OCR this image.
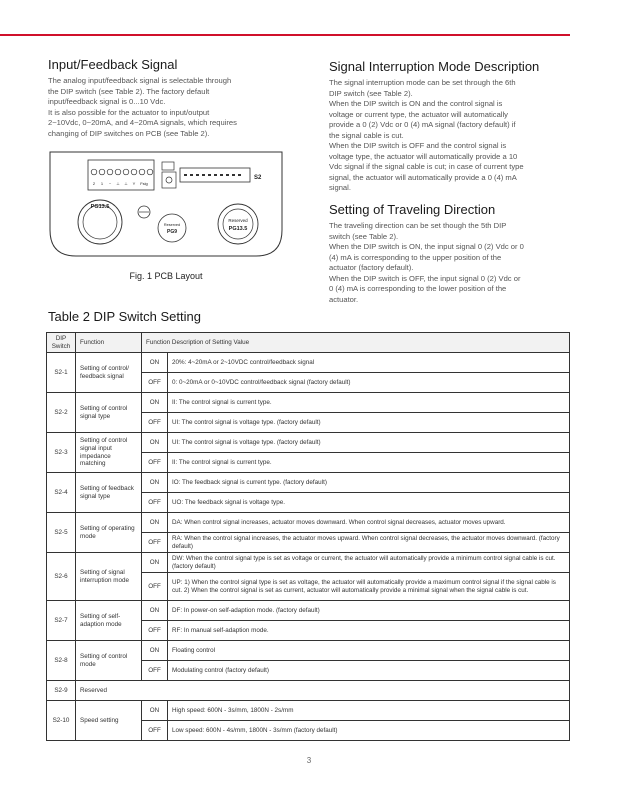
Input/Feedback Signal
The analog input/feedback signal is selectable through
the DIP switch (see Table 2). The factory default
input/feedback signal is 0...10 Vdc.
It is also possible for the actuator to input/output
2~10Vdc, 0~20mA, and 4~20mA signals, which requires
changing of DIP switches on PCB (see Table 2).
2 1 ~ ⊥ ⊥ Y Fsig
S2
PG13.5
Reserved
PG9
Reserved
PG13.5
Fig. 1 PCB Layout
Signal Interruption Mode Description
The signal interruption mode can be set through the 6th
DIP switch (see Table 2).
When the DIP switch is ON and the control signal is
voltage or current type, the actuator will automatically
provide a 0 (2) Vdc or 0 (4) mA signal (factory default) if
the signal cable is cut.
When the DIP switch is OFF and the control signal is
voltage type, the actuator will automatically provide a 10
Vdc signal if the signal cable is cut; in case of current type
signal, the actuator will automatically provide a 0 (4) mA
signal.
Setting of Traveling Direction
The traveling direction can be set though the 5th DIP
switch (see Table 2).
When the DIP switch is ON, the input signal 0 (2) Vdc or 0
(4) mA is corresponding to the upper position of the
actuator (factory default).
When the DIP switch is OFF, the input signal 0 (2) Vdc or
0 (4) mA is corresponding to the lower position of the
actuator.
Table 2 DIP Switch Setting
DIP Switch	Function	Function Description of Setting Value	
S2-1	Setting of control/ feedback signal	ON	20%: 4~20mA or 2~10VDC control/feedback signal
		OFF	0: 0~20mA or 0~10VDC control/feedback signal (factory default)
S2-2	Setting of control signal type	ON	II: The control signal is current type.
		OFF	UI: The control signal is voltage type. (factory default)
S2-3	Setting of control signal input impedance matching	ON	UI: The control signal is voltage type. (factory default)
		OFF	II: The control signal is current type.
S2-4	Setting of feedback signal type	ON	IO: The feedback signal is current type. (factory default)
		OFF	UO: The feedback signal is voltage type.
S2-5	Setting of operating mode	ON	DA: When control signal increases, actuator moves downward. When control signal decreases, actuator moves upward.
		OFF	RA: When the control signal increases, the actuator moves upward. When control signal decreases, the actuator moves downward. (factory default)
S2-6	Setting of signal interruption mode	ON	DW: When the control signal type is set as voltage or current, the actuator will automatically provide a minimum control signal cable is cut. (factory default)
		OFF	UP: 1) When the control signal type is set as voltage, the actuator will automatically provide a maximum control signal if the signal cable is cut. 2) When the control signal is set as current, actuator will automatically provide a minimal signal when the signal cable is cut.
S2-7	Setting of self-adaption mode	ON	DF: In power-on self-adaption mode. (factory default)
		OFF	RF: In manual self-adaption mode.
S2-8	Setting of control mode	ON	Floating control
		OFF	Modulating control (factory default)
S2-9	Reserved		
S2-10	Speed setting	ON	High speed: 600N - 3s/mm, 1800N - 2s/mm
		OFF	Low speed: 600N - 4s/mm, 1800N - 3s/mm (factory default)
3
